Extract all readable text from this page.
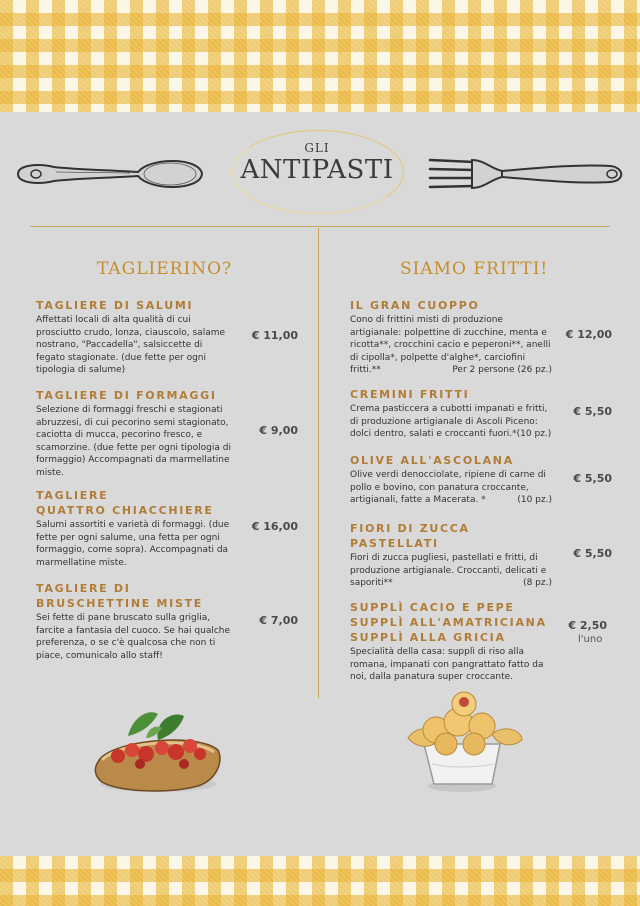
GLI
ANTIPASTI
TAGLIERINO?	SIAMO FRITTI!
TAGLIERE DI SALUMI
Affettati locali di alta qualità di cui prosciutto crudo, lonza, ciauscolo, salame nostrano, "Paccadella", salsiccette di fegato stagionate. (due fette per ogni tipologia di salume)
€ 11,00
TAGLIERE DI FORMAGGI
Selezione di formaggi freschi e stagionati abruzzesi, di cui pecorino semi stagionato, caciotta di mucca, pecorino fresco, e scamorzine. (due fette per ogni tipologia di formaggio) Accompagnati da marmellatine miste.
€ 9,00
TAGLIERE
QUATTRO CHIACCHIERE
Salumi assortiti e varietà di formaggi. (due fette per ogni salume, una fetta per ogni formaggio, come sopra). Accompagnati da marmellatine miste.
€ 16,00
TAGLIERE DI
BRUSCHETTINE MISTE
Sei fette di pane bruscato sulla griglia, farcite a fantasia del cuoco. Se hai qualche preferenza, o se c'è qualcosa che non ti piace, comunicalo allo staff!
€ 7,00
IL GRAN CUOPPO
Cono di frittini misti di produzione artigianale: polpettine di zucchine, menta e ricotta**, crocchini cacio e peperoni**, anelli di cipolla*, polpette d'alghe*, carciofini fritti.**	Per 2 persone (26 pz.)
€ 12,00
CREMINI FRITTI
Crema pasticcera a cubotti impanati e fritti, di produzione artigianale di Ascoli Piceno: dolci dentro, salati e croccanti fuori.*(10 pz.)
€ 5,50
OLIVE ALL'ASCOLANA
Olive verdi denocciolate, ripiene di carne di pollo e bovino, con panatura croccante, artigianali, fatte a Macerata. *	(10 pz.)
€ 5,50
FIORI DI ZUCCA
PASTELLATI
Fiori di zucca pugliesi, pastellati e fritti, di produzione artigianale. Croccanti, delicati e saporiti**	(8 pz.)
€ 5,50
SUPPLÌ CACIO E PEPE
SUPPLÌ ALL'AMATRICIANA
SUPPLÌ ALLA GRICIA
Specialità della casa: supplì di riso alla romana, impanati con pangrattato fatto da noi, dalla panatura super croccante.
€ 2,50
l'uno
